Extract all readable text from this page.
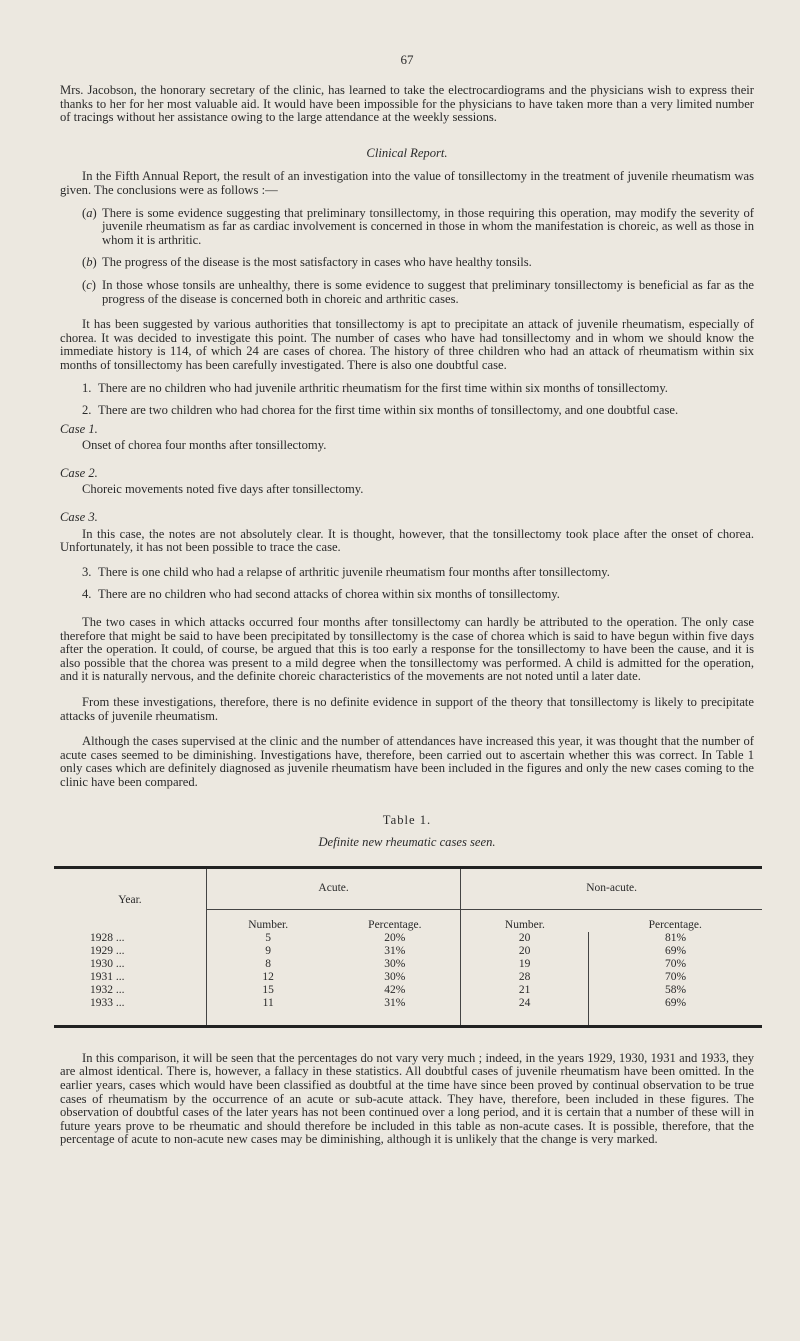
67

Mrs. Jacobson, the honorary secretary of the clinic, has learned to take the electrocardiograms and the physicians wish to express their thanks to her for her most valuable aid. It would have been impossible for the physicians to have taken more than a very limited number of tracings without her assistance owing to the large attendance at the weekly sessions.

Clinical Report.

In the Fifth Annual Report, the result of an investigation into the value of tonsillectomy in the treatment of juvenile rheumatism was given. The conclusions were as follows :—

(a) There is some evidence suggesting that preliminary tonsillectomy, in those requiring this operation, may modify the severity of juvenile rheumatism as far as cardiac involvement is concerned in those in whom the manifestation is choreic, as well as those in whom it is arthritic.
(b) The progress of the disease is the most satisfactory in cases who have healthy tonsils.
(c) In those whose tonsils are unhealthy, there is some evidence to suggest that preliminary tonsillectomy is beneficial as far as the progress of the disease is concerned both in choreic and arthritic cases.

It has been suggested by various authorities that tonsillectomy is apt to precipitate an attack of juvenile rheumatism, especially of chorea. It was decided to investigate this point. The number of cases who have had tonsillectomy and in whom we should know the immediate history is 114, of which 24 are cases of chorea. The history of three children who had an attack of rheumatism within six months of tonsillectomy has been carefully investigated. There is also one doubtful case.

1. There are no children who had juvenile arthritic rheumatism for the first time within six months of tonsillectomy.
2. There are two children who had chorea for the first time within six months of tonsillectomy, and one doubtful case.

Case 1.

Onset of chorea four months after tonsillectomy.

Case 2.

Choreic movements noted five days after tonsillectomy.

Case 3.

In this case, the notes are not absolutely clear. It is thought, however, that the tonsillectomy took place after the onset of chorea. Unfortunately, it has not been possible to trace the case.

3. There is one child who had a relapse of arthritic juvenile rheumatism four months after tonsillectomy.
4. There are no children who had second attacks of chorea within six months of tonsillectomy.

The two cases in which attacks occurred four months after tonsillectomy can hardly be attributed to the operation. The only case therefore that might be said to have been precipitated by tonsillectomy is the case of chorea which is said to have begun within five days after the operation. It could, of course, be argued that this is too early a response for the tonsillectomy to have been the cause, and it is also possible that the chorea was present to a mild degree when the tonsillectomy was performed. A child is admitted for the operation, and it is naturally nervous, and the definite choreic characteristics of the movements are not noted until a later date.

From these investigations, therefore, there is no definite evidence in support of the theory that tonsillectomy is likely to precipitate attacks of juvenile rheumatism.

Although the cases supervised at the clinic and the number of attendances have increased this year, it was thought that the number of acute cases seemed to be diminishing. Investigations have, therefore, been carried out to ascertain whether this was correct. In Table 1 only cases which are definitely diagnosed as juvenile rheumatism have been included in the figures and only the new cases coming to the clinic have been compared.

Table 1.

Definite new rheumatic cases seen.

Year.	Acute.		Non-acute.	
	Number.	Percentage.	Number.	Percentage.
1928 ...	5	20%	20	81%
1929 ...	9	31%	20	69%
1930 ...	8	30%	19	70%
1931 ...	12	30%	28	70%
1932 ...	15	42%	21	58%
1933 ...	11	31%	24	69%

In this comparison, it will be seen that the percentages do not vary very much ; indeed, in the years 1929, 1930, 1931 and 1933, they are almost identical. There is, however, a fallacy in these statistics. All doubtful cases of juvenile rheumatism have been omitted. In the earlier years, cases which would have been classified as doubtful at the time have since been proved by continual observation to be true cases of rheumatism by the occurrence of an acute or sub-acute attack. They have, therefore, been included in these figures. The observation of doubtful cases of the later years has not been continued over a long period, and it is certain that a number of these will in future years prove to be rheumatic and should therefore be included in this table as non-acute cases. It is possible, therefore, that the percentage of acute to non-acute new cases may be diminishing, although it is unlikely that the change is very marked.
